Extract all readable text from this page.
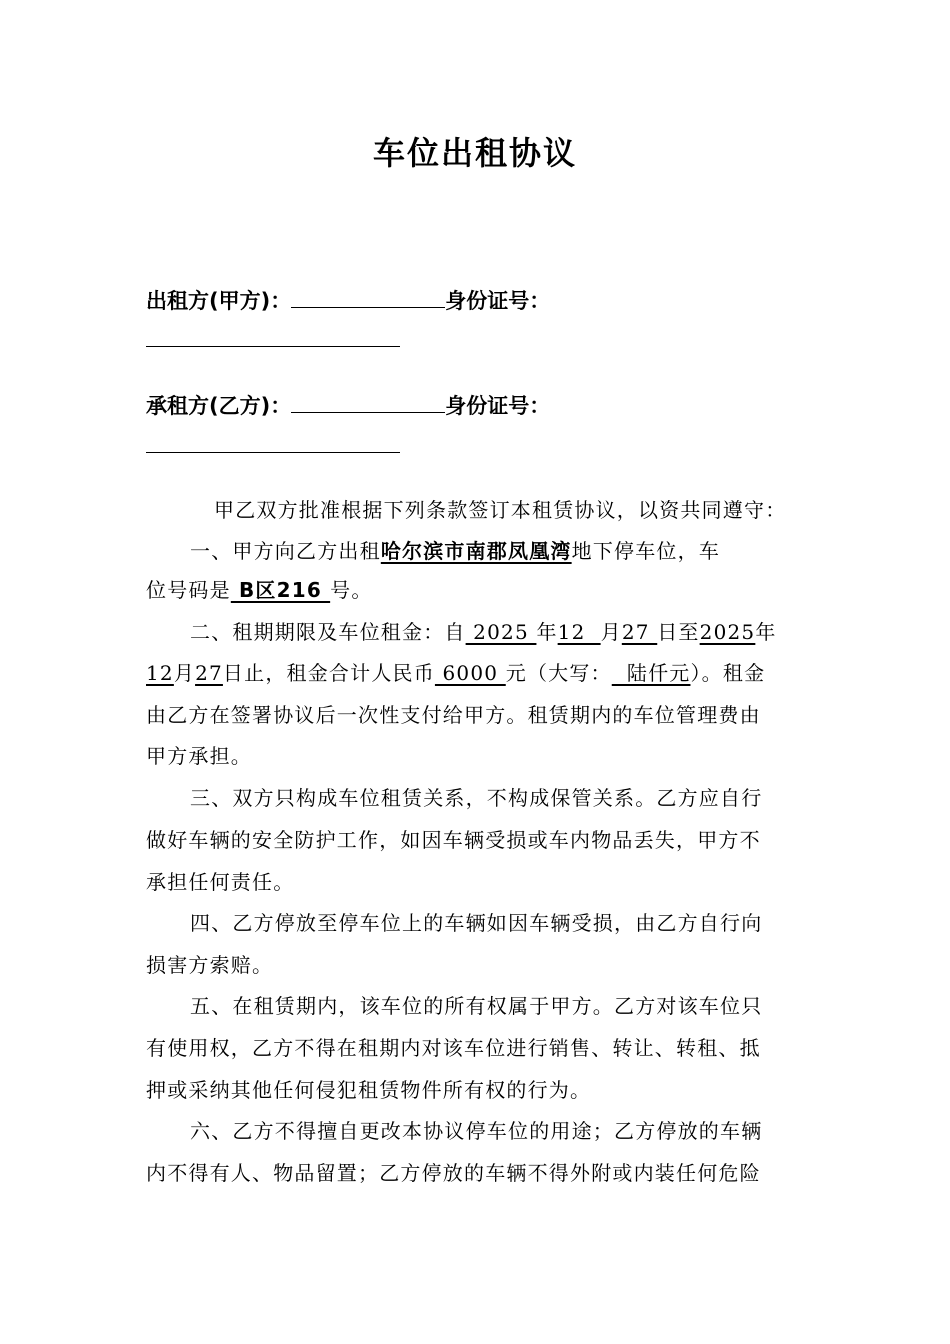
车位出租协议
出租方(甲方)：	身份证号：
承租方(乙方)：	身份证号：
甲乙双方批准根据下列条款签订本租赁协议，以资共同遵守：
一、甲方向乙方出租哈尔滨市南郡凤凰湾地下停车位，车
位号码是 B区216 号。
二、租期期限及车位租金：自 2025 年12  月27 日至2025年
12月27日止，租金合计人民币 6000 元（大写：  陆仟元）。租金
由乙方在签署协议后一次性支付给甲方。租赁期内的车位管理费由
甲方承担。
三、双方只构成车位租赁关系，不构成保管关系。乙方应自行
做好车辆的安全防护工作，如因车辆受损或车内物品丢失，甲方不
承担任何责任。
四、乙方停放至停车位上的车辆如因车辆受损，由乙方自行向
损害方索赔。
五、在租赁期内，该车位的所有权属于甲方。乙方对该车位只
有使用权，乙方不得在租期内对该车位进行销售、转让、转租、抵
押或采纳其他任何侵犯租赁物件所有权的行为。
六、乙方不得擅自更改本协议停车位的用途；乙方停放的车辆
内不得有人、物品留置；乙方停放的车辆不得外附或内装任何危险
